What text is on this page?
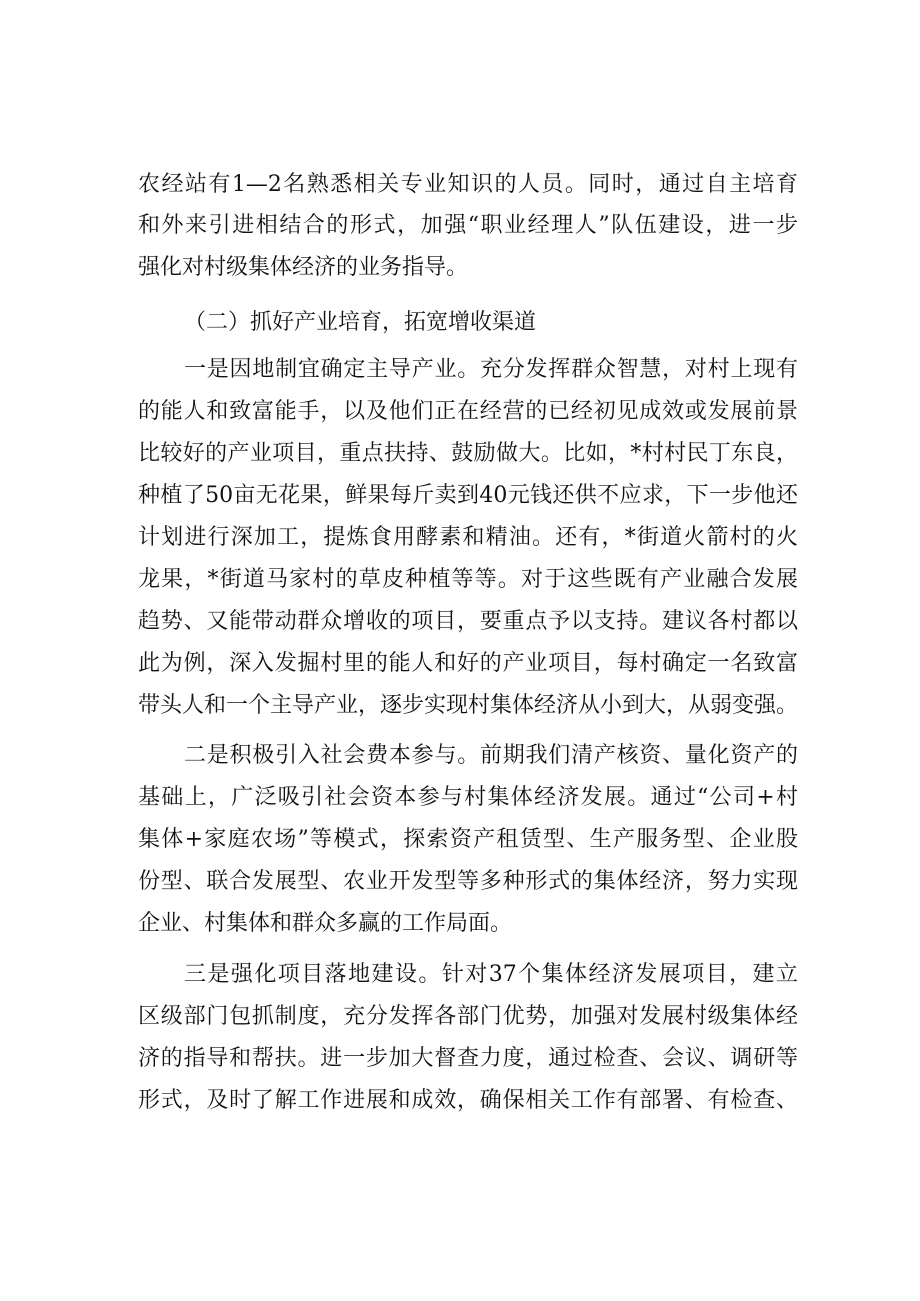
农经站有1—2名熟悉相关专业知识的人员。同时，通过自主培育
和外来引进相结合的形式，加强“职业经理人”队伍建设，进一步
强化对村级集体经济的业务指导。
（二）抓好产业培育，拓宽增收渠道
一是因地制宜确定主导产业。充分发挥群众智慧，对村上现有
的能人和致富能手，以及他们正在经营的已经初见成效或发展前景
比较好的产业项目，重点扶持、鼓励做大。比如，*村村民丁东良，
种植了50亩无花果，鲜果每斤卖到40元钱还供不应求，下一步他还
计划进行深加工，提炼食用酵素和精油。还有，*街道火箭村的火
龙果，*街道马家村的草皮种植等等。对于这些既有产业融合发展
趋势、又能带动群众增收的项目，要重点予以支持。建议各村都以
此为例，深入发掘村里的能人和好的产业项目，每村确定一名致富
带头人和一个主导产业，逐步实现村集体经济从小到大，从弱变强。
二是积极引入社会费本参与。前期我们清产核资、量化资产的
基础上，广泛吸引社会资本参与村集体经济发展。通过“公司+村
集体+家庭农场”等模式，探索资产租赁型、生产服务型、企业股
份型、联合发展型、农业开发型等多种形式的集体经济，努力实现
企业、村集体和群众多赢的工作局面。
三是强化项目落地建设。针对37个集体经济发展项目，建立
区级部门包抓制度，充分发挥各部门优势，加强对发展村级集体经
济的指导和帮扶。进一步加大督查力度，通过检查、会议、调研等
形式，及时了解工作进展和成效，确保相关工作有部署、有检查、
